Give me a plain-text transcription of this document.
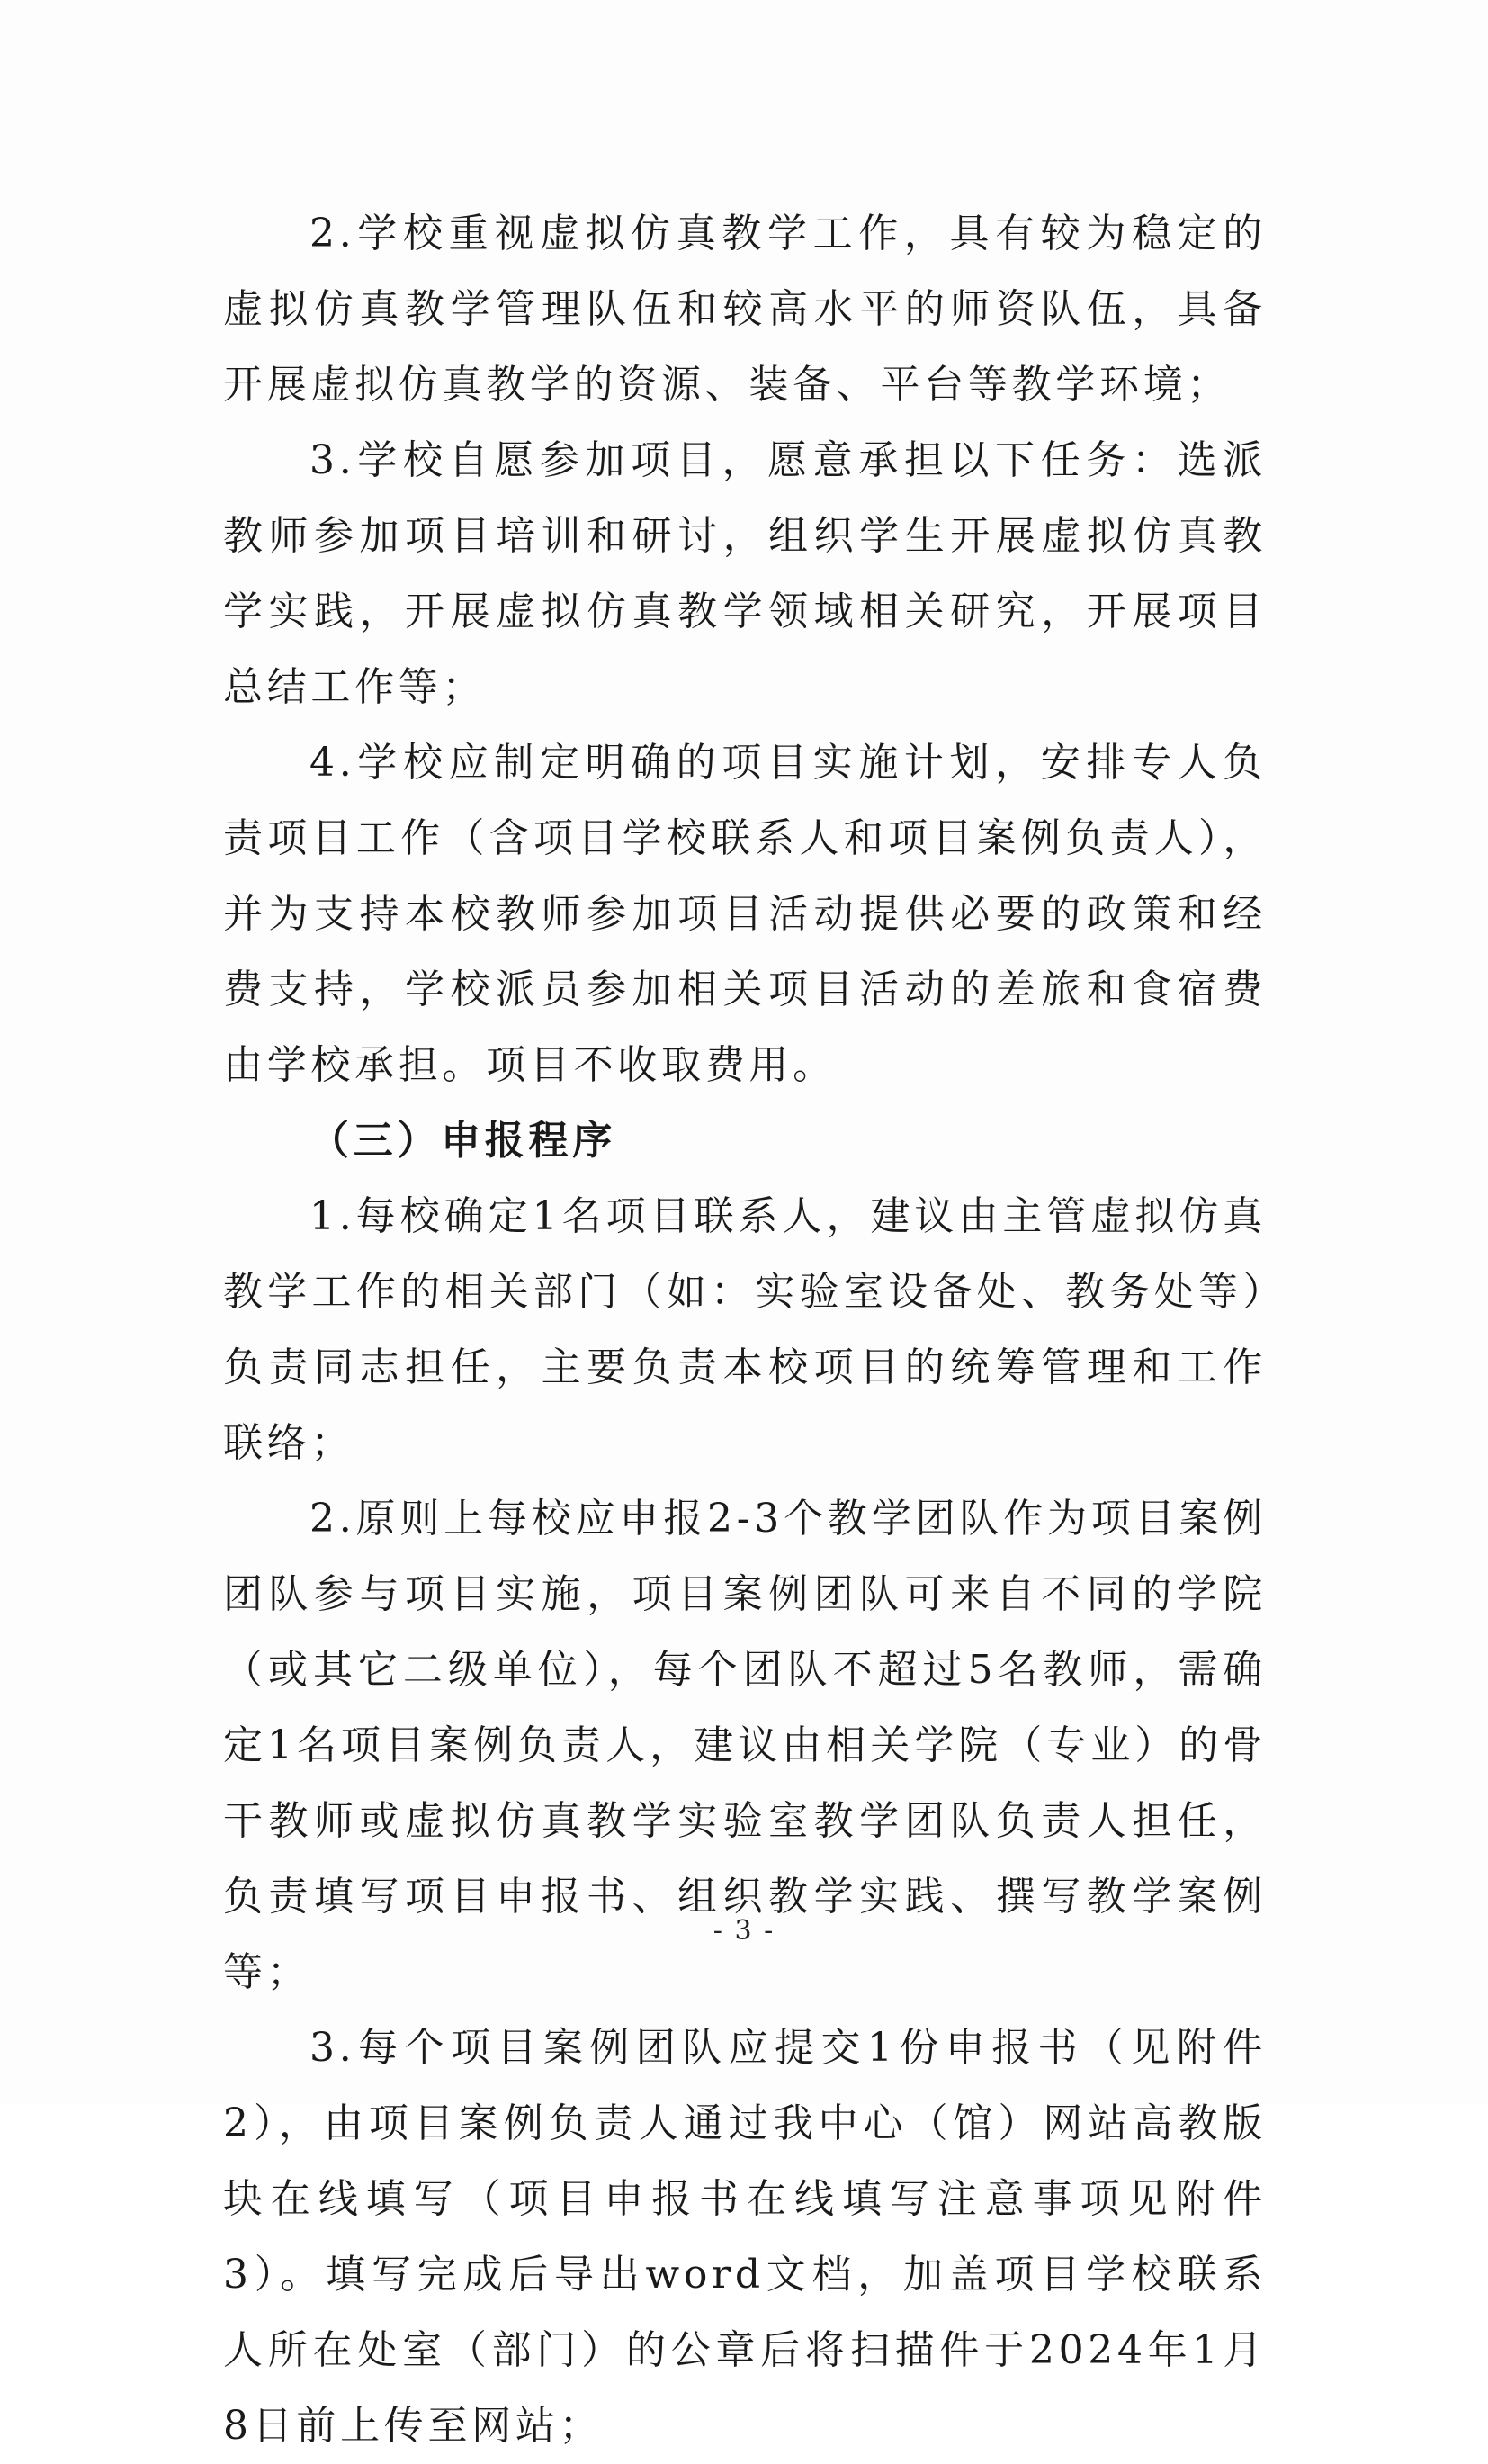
2.学校重视虚拟仿真教学工作，具有较为稳定的虚拟仿真教学管理队伍和较高水平的师资队伍，具备开展虚拟仿真教学的资源、装备、平台等教学环境；

3.学校自愿参加项目，愿意承担以下任务：选派教师参加项目培训和研讨，组织学生开展虚拟仿真教学实践，开展虚拟仿真教学领域相关研究，开展项目总结工作等；

4.学校应制定明确的项目实施计划，安排专人负责项目工作（含项目学校联系人和项目案例负责人），并为支持本校教师参加项目活动提供必要的政策和经费支持，学校派员参加相关项目活动的差旅和食宿费由学校承担。项目不收取费用。

（三）申报程序

1.每校确定1名项目联系人，建议由主管虚拟仿真教学工作的相关部门（如：实验室设备处、教务处等）负责同志担任，主要负责本校项目的统筹管理和工作联络；

2.原则上每校应申报2-3个教学团队作为项目案例团队参与项目实施，项目案例团队可来自不同的学院（或其它二级单位），每个团队不超过5名教师，需确定1名项目案例负责人，建议由相关学院（专业）的骨干教师或虚拟仿真教学实验室教学团队负责人担任，负责填写项目申报书、组织教学实践、撰写教学案例等；

3.每个项目案例团队应提交1份申报书（见附件2），由项目案例负责人通过我中心（馆）网站高教版块在线填写（项目申报书在线填写注意事项见附件3）。填写完成后导出word文档，加盖项目学校联系人所在处室（部门）的公章后将扫描件于2024年1月8日前上传至网站；

- 3 -
